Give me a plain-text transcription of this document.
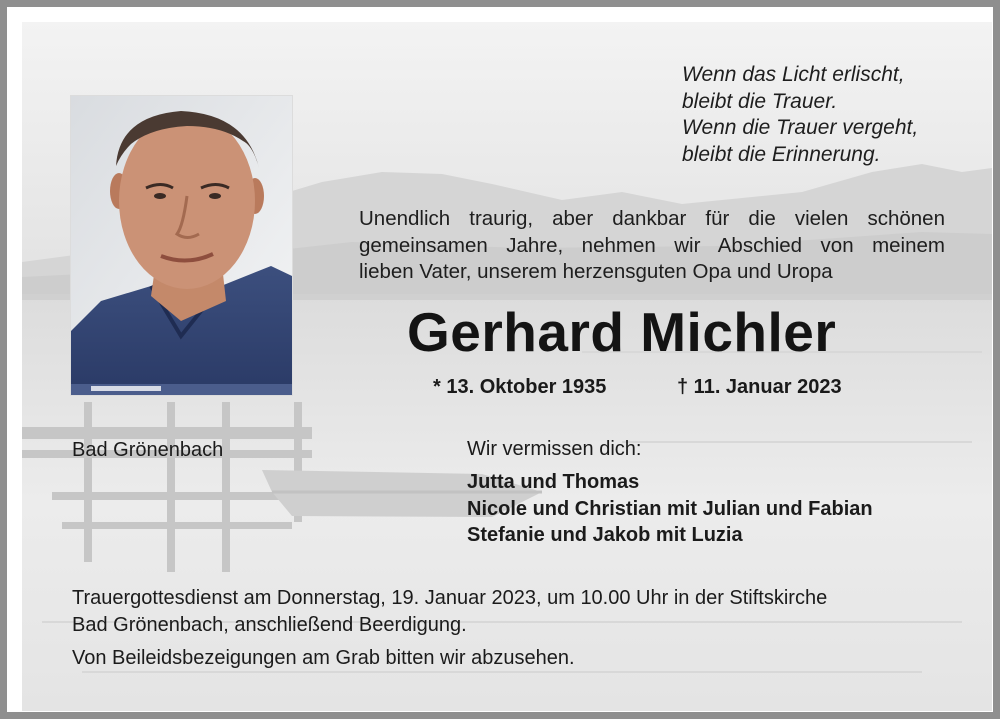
Wenn das Licht erlischt,
bleibt die Trauer.
Wenn die Trauer vergeht,
bleibt die Erinnerung.
Unendlich traurig, aber dankbar für die vielen schönen
gemeinsamen Jahre, nehmen wir Abschied von meinem
lieben Vater, unserem herzensguten Opa und Uropa
Gerhard Michler
* 13. Oktober 1935	† 11. Januar 2023
Bad Grönenbach	Wir vermissen dich:
Jutta und Thomas
Nicole und Christian mit Julian und Fabian
Stefanie und Jakob mit Luzia
Trauergottesdienst am Donnerstag, 19. Januar 2023, um 10.00 Uhr in der Stiftskirche
Bad Grönenbach, anschließend Beerdigung.
Von Beileidsbezeigungen am Grab bitten wir abzusehen.
